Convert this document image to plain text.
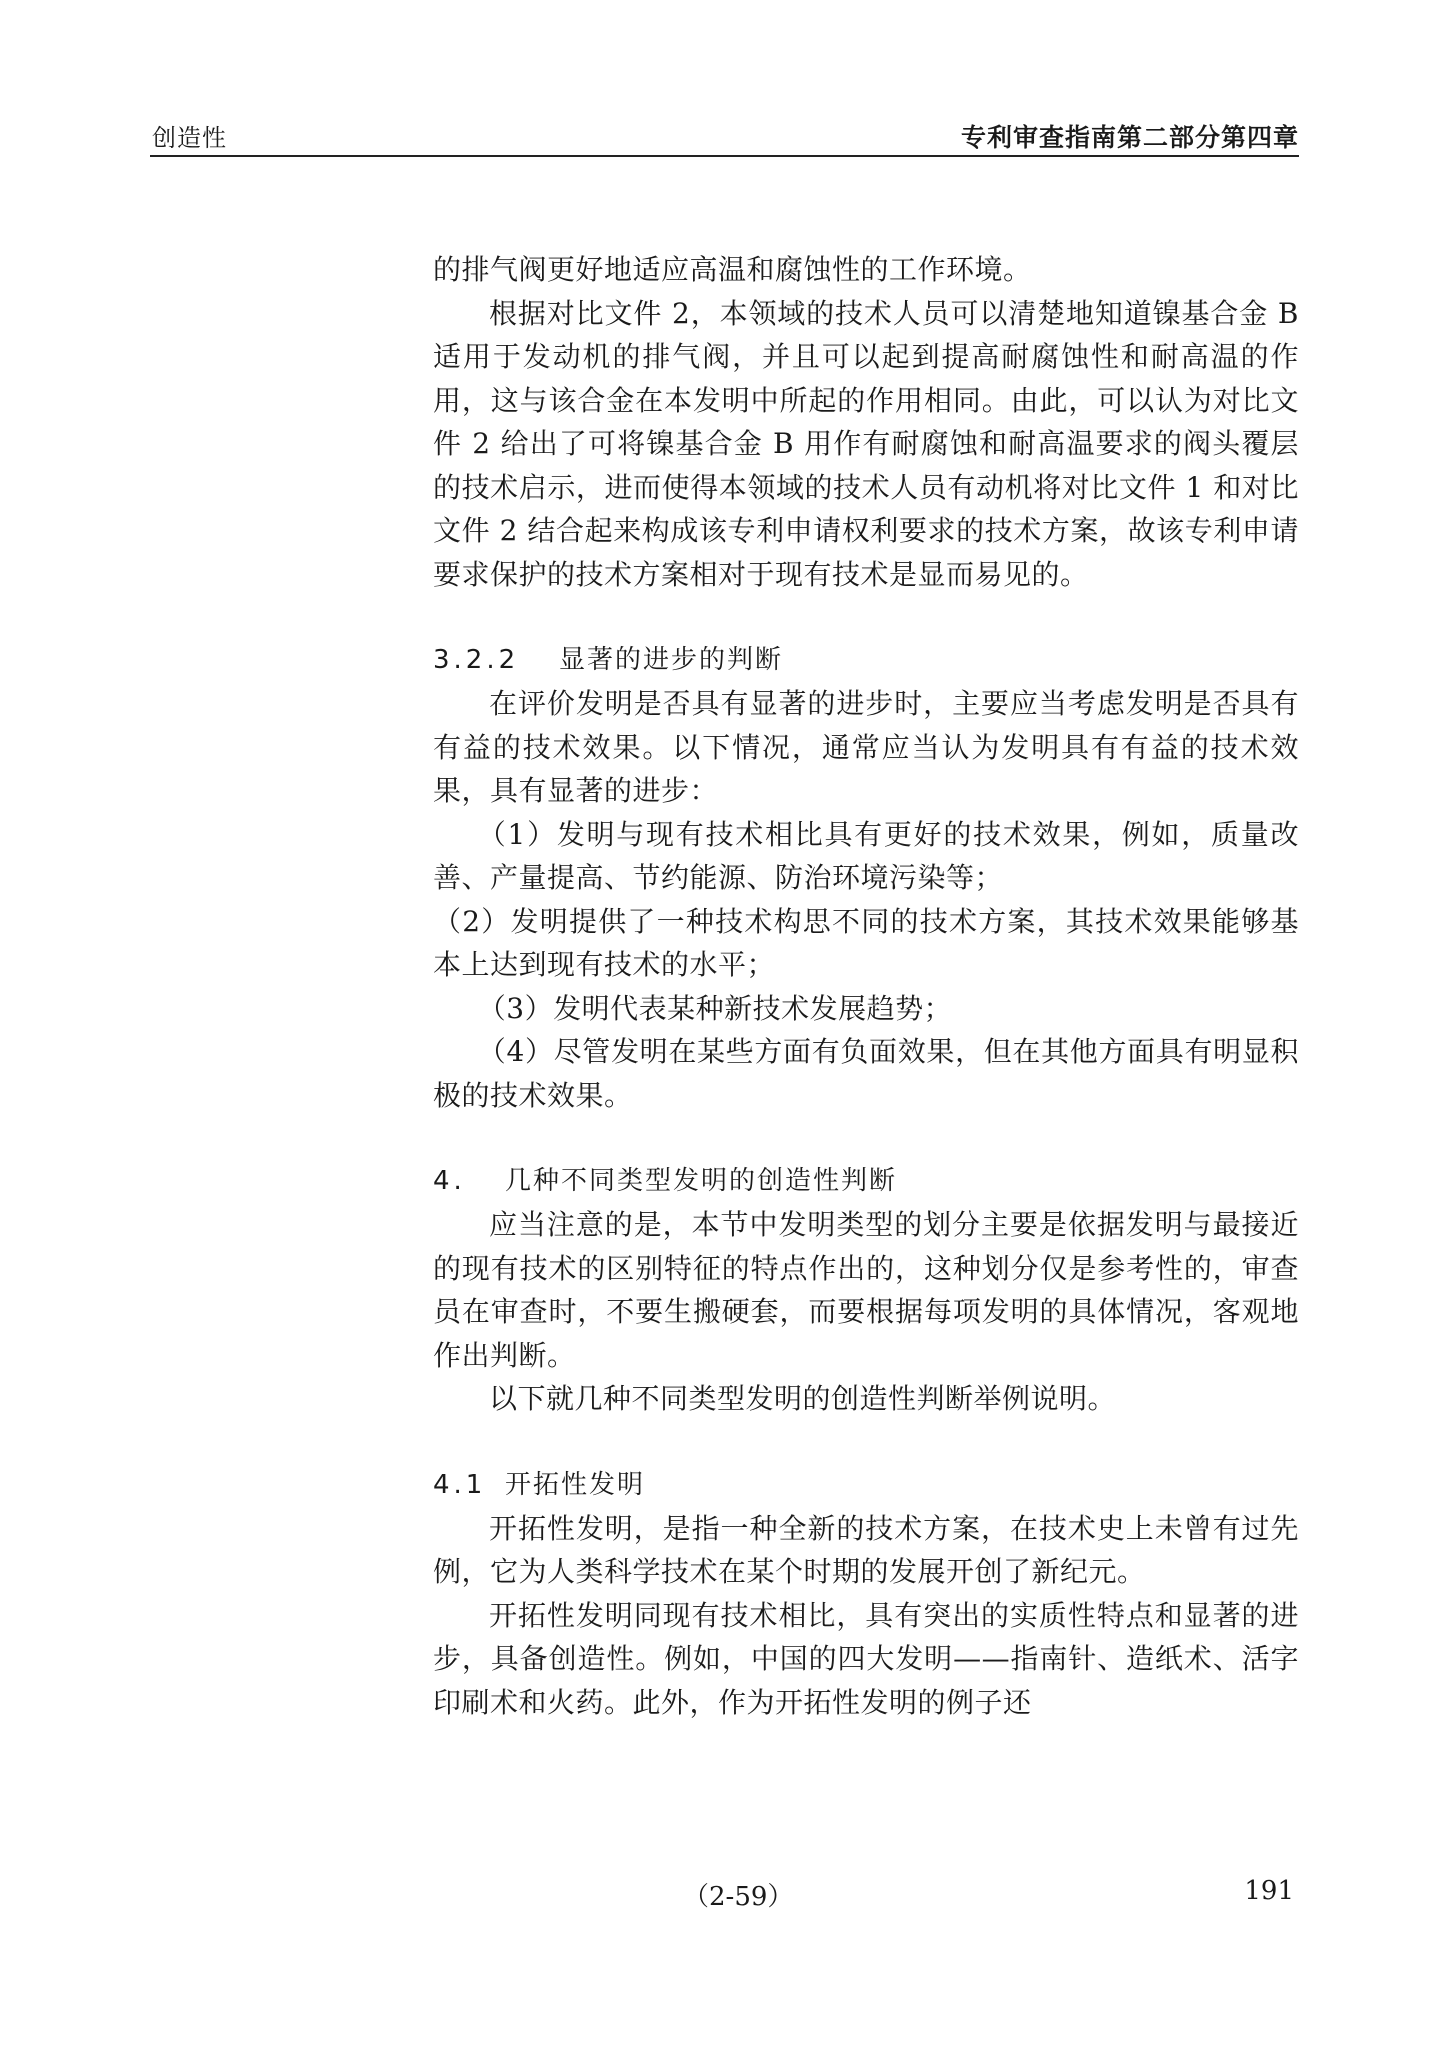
创造性	专利审查指南第二部分第四章

的排气阀更好地适应高温和腐蚀性的工作环境。

根据对比文件 2，本领域的技术人员可以清楚地知道镍基合金 B 适用于发动机的排气阀，并且可以起到提高耐腐蚀性和耐高温的作用，这与该合金在本发明中所起的作用相同。由此，可以认为对比文件 2 给出了可将镍基合金 B 用作有耐腐蚀和耐高温要求的阀头覆层的技术启示，进而使得本领域的技术人员有动机将对比文件 1 和对比文件 2 结合起来构成该专利申请权利要求的技术方案，故该专利申请要求保护的技术方案相对于现有技术是显而易见的。

3.2.2 显著的进步的判断

在评价发明是否具有显著的进步时，主要应当考虑发明是否具有有益的技术效果。以下情况，通常应当认为发明具有有益的技术效果，具有显著的进步：

（1）发明与现有技术相比具有更好的技术效果，例如，质量改善、产量提高、节约能源、防治环境污染等；

（2）发明提供了一种技术构思不同的技术方案，其技术效果能够基本上达到现有技术的水平；

（3）发明代表某种新技术发展趋势；

（4）尽管发明在某些方面有负面效果，但在其他方面具有明显积极的技术效果。

4. 几种不同类型发明的创造性判断

应当注意的是，本节中发明类型的划分主要是依据发明与最接近的现有技术的区别特征的特点作出的，这种划分仅是参考性的，审查员在审查时，不要生搬硬套，而要根据每项发明的具体情况，客观地作出判断。

以下就几种不同类型发明的创造性判断举例说明。

4.1 开拓性发明

开拓性发明，是指一种全新的技术方案，在技术史上未曾有过先例，它为人类科学技术在某个时期的发展开创了新纪元。

开拓性发明同现有技术相比，具有突出的实质性特点和显著的进步，具备创造性。例如，中国的四大发明——指南针、造纸术、活字印刷术和火药。此外，作为开拓性发明的例子还

（2-59）	191
